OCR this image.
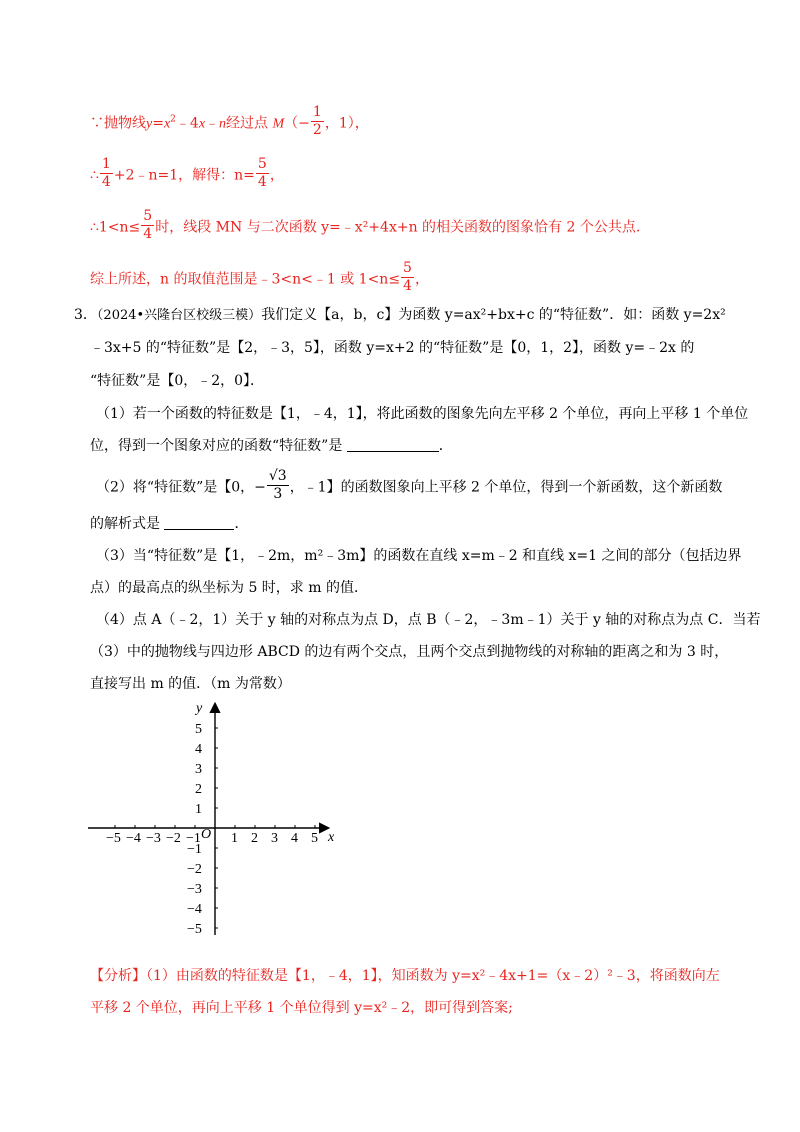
∵抛物线$y=x^2﹣4x﹣n$经过点 $M(- \frac{1}{2}$ ，1），
∴ $\frac{1}{4}$ +2﹣n=1，解得：$n= \frac{5}{4}$ ，
∴1<n≤ $\frac{5}{4}$ 时，线段 MN 与二次函数 y=﹣x²+4x+n 的相关函数的图象恰有 2 个公共点.
综上所述，n 的取值范围是﹣3<n<﹣1 或 $1<n\le \frac{5}{4}$ ，
3．（2024•兴隆台区校级三模）我们定义【a，b，c】为函数 y=ax²+bx+c 的“特征数”．如：函数 y=2x²
﹣3x+5 的“特征数”是【2，﹣3，5】，函数 y=x+2 的“特征数”是【0，1，2】，函数 y=﹣2x 的
“特征数”是【0，﹣2，0】．
（1）若一个函数的特征数是【1，﹣4，1】，将此函数的图象先向左平移 2 个单位，再向上平移 1 个单位
位，得到一个图象对应的函数“特征数”是	．
（2）将“特征数”是【0，− $\frac{√3}{3}$ ，﹣1】的函数图象向上平移 2 个单位，得到一个新函数，这个新函数
的解析式是	．
（3）当“特征数”是【1，﹣2m，m²﹣3m】的函数在直线 x=m﹣2 和直线 x=1 之间的部分（包括边界
点）的最高点的纵坐标为 5 时，求 m 的值．
（4）点 A（﹣2，1）关于 y 轴的对称点为点 D，点 B（﹣2，﹣3m﹣1）关于 y 轴的对称点为点 C．当若
（3）中的抛物线与四边形 ABCD 的边有两个交点，且两个交点到抛物线的对称轴的距离之和为 3 时，
直接写出 m 的值．（m 为常数）
x
y
O
−5 −4 −3 −2 −1 1 2 3 4 5
−5
−4
−3
−2
−1
1
2
3
4
5
【分析】（1）由函数的特征数是【1，﹣4，1】，知函数为 y=x²﹣4x+1=（x﹣2）²﹣3，将函数向左
平移 2 个单位，再向上平移 1 个单位得到 y=x²﹣2，即可得到答案;
